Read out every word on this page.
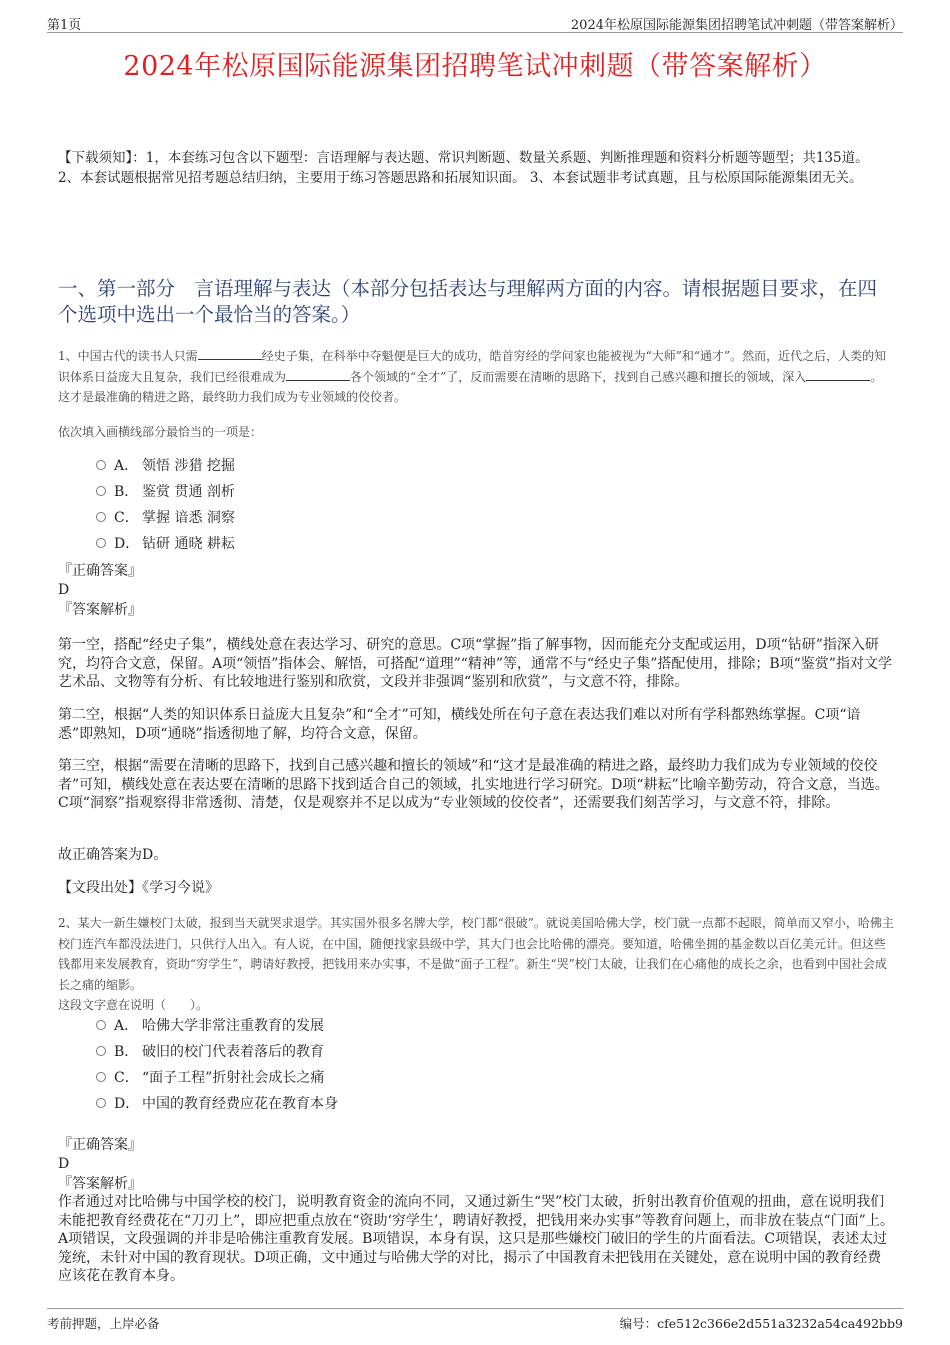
第1页	2024年松原国际能源集团招聘笔试冲刺题（带答案解析）
2024年松原国际能源集团招聘笔试冲刺题（带答案解析）
【下载须知】：1，本套练习包含以下题型：言语理解与表达题、常识判断题、数量关系题、判断推理题和资料分析题等题型；共135道。 2、本套试题根据常见招考题总结归纳，主要用于练习答题思路和拓展知识面。 3、本套试题非考试真题，且与松原国际能源集团无关。
一、第一部分　言语理解与表达（本部分包括表达与理解两方面的内容。请根据题目要求，在四个选项中选出一个最恰当的答案。）
1、中国古代的读书人只需	经史子集，在科举中夺魁便是巨大的成功，皓首穷经的学问家也能被视为“大师”和“通才”。然而，近代之后，人类的知识体系日益庞大且复杂，我们已经很难成为	各个领域的“全才”了，反而需要在清晰的思路下，找到自己感兴趣和擅长的领域，深入	。这才是最准确的精进之路，最终助力我们成为专业领域的佼佼者。
依次填入画横线部分最恰当的一项是：
A． 领悟 涉猎 挖掘
B． 鉴赏 贯通 剖析
C． 掌握 谙悉 洞察
D． 钻研 通晓 耕耘
『正确答案』
D
『答案解析』
第一空，搭配“经史子集”，横线处意在表达学习、研究的意思。C项“掌握”指了解事物，因而能充分支配或运用，D项“钻研”指深入研究，均符合文意，保留。A项“领悟”指体会、解悟，可搭配“道理”“精神”等，通常不与“经史子集”搭配使用，排除；B项“鉴赏”指对文学艺术品、文物等有分析、有比较地进行鉴别和欣赏，文段并非强调“鉴别和欣赏”，与文意不符，排除。
第二空，根据“人类的知识体系日益庞大且复杂”和“全才”可知，横线处所在句子意在表达我们难以对所有学科都熟练掌握。C项“谙悉”即熟知，D项“通晓”指透彻地了解，均符合文意，保留。
第三空，根据“需要在清晰的思路下，找到自己感兴趣和擅长的领域”和“这才是最准确的精进之路，最终助力我们成为专业领域的佼佼者”可知，横线处意在表达要在清晰的思路下找到适合自己的领域，扎实地进行学习研究。D项“耕耘”比喻辛勤劳动，符合文意，当选。C项“洞察”指观察得非常透彻、清楚，仅是观察并不足以成为“专业领域的佼佼者”，还需要我们刻苦学习，与文意不符，排除。
故正确答案为D。
【文段出处】《学习今说》
2、某大一新生嫌校门太破，报到当天就哭求退学。其实国外很多名牌大学，校门都“很破”。就说美国哈佛大学，校门就一点都不起眼，简单而又窄小，哈佛主校门连汽车都没法进门，只供行人出入。有人说，在中国，随便找家县级中学，其大门也会比哈佛的漂亮。要知道，哈佛坐拥的基金数以百亿美元计。但这些钱都用来发展教育，资助“穷学生”，聘请好教授，把钱用来办实事，不是做“面子工程”。新生“哭”校门太破，让我们在心痛他的成长之余，也看到中国社会成长之痛的缩影。
这段文字意在说明（　　）。
A． 哈佛大学非常注重教育的发展
B． 破旧的校门代表着落后的教育
C． “面子工程”折射社会成长之痛
D． 中国的教育经费应花在教育本身
『正确答案』
D
『答案解析』
作者通过对比哈佛与中国学校的校门，说明教育资金的流向不同，又通过新生“哭”校门太破，折射出教育价值观的扭曲，意在说明我们未能把教育经费花在“刀刃上”，即应把重点放在“资助‘穷学生’，聘请好教授，把钱用来办实事”等教育问题上，而非放在装点“门面”上。A项错误，文段强调的并非是哈佛注重教育发展。B项错误，本身有误，这只是那些嫌校门破旧的学生的片面看法。C项错误，表述太过笼统，未针对中国的教育现状。D项正确，文中通过与哈佛大学的对比，揭示了中国教育未把钱用在关键处，意在说明中国的教育经费应该花在教育本身。
考前押题，上岸必备	编号：cfe512c366e2d551a3232a54ca492bb9
